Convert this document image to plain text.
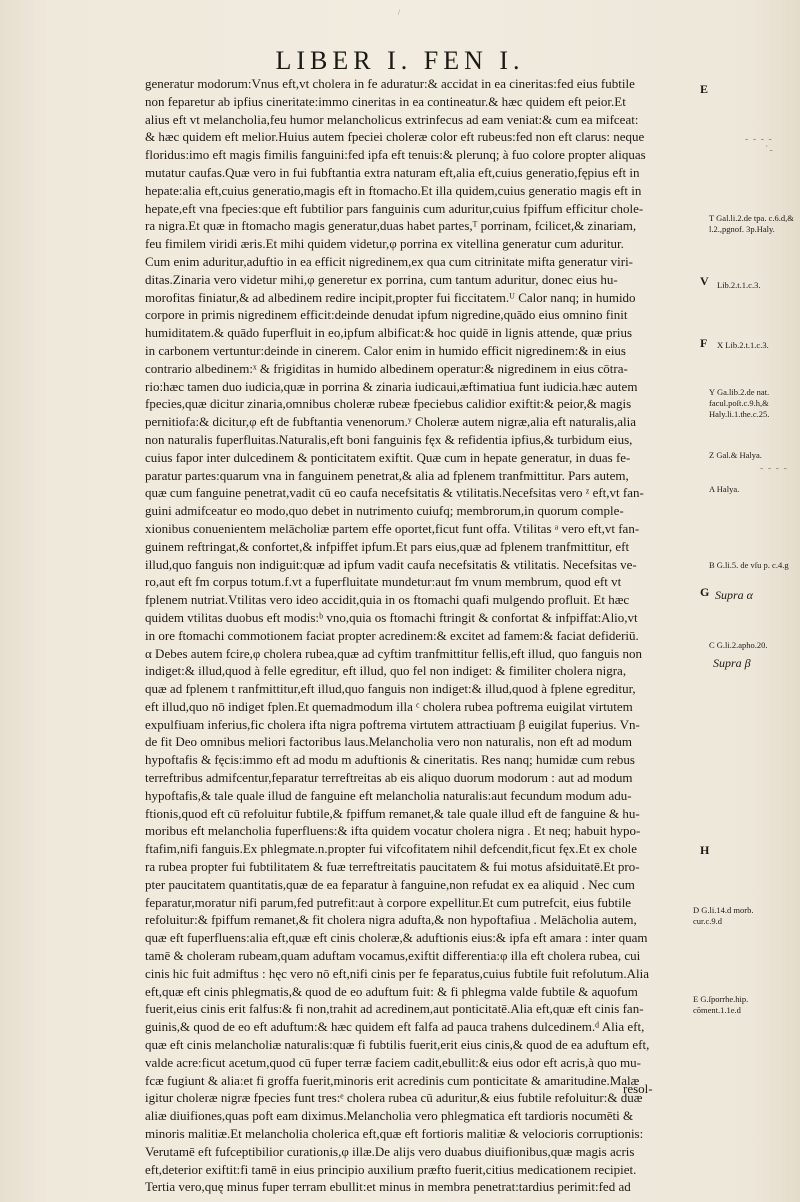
/
LIBER I. FEN I.
generatur modorum:Vnus eft,vt cholera in fe aduratur:& accidat in ea cineritas:fed eius fubtile
non feparetur ab ipfius cineritate:immo cineritas in ea contineatur.& hæc quidem eft peior.Et
alius eft vt melancholia,feu humor melancholicus extrinfecus ad eam veniat:& cum ea mifceat:
& hæc quidem eft melior.Huius autem fpeciei choleræ color eft rubeus:fed non eft clarus: neque
floridus:imo eft magis fimilis fanguini:fed ipfa eft tenuis:& plerunq; à fuo colore propter aliquas
mutatur caufas.Quæ vero in fui fubftantia extra naturam eft,alia eft,cuius generatio,fępius eft in
hepate:alia eft,cuius generatio,magis eft in ftomacho.Et illa quidem,cuius generatio magis eft in
hepate,eft vna fpecies:que eft fubtilior pars fanguinis cum aduritur,cuius fpiffum efficitur chole-
ra nigra.Et quæ in ftomacho magis generatur,duas habet partes,ᵀ porrinam, fcilicet,& zinariam,
feu fimilem viridi æris.Et mihi quidem videtur,φ porrina ex vitellina generatur cum aduritur.
Cum enim aduritur,aduftio in ea efficit nigredinem,ex qua cum citrinitate mifta generatur viri-
ditas.Zinaria vero videtur mihi,φ generetur ex porrina, cum tantum aduritur, donec eius hu-
morofitas finiatur,& ad albedinem redire incipit,propter fui ficcitatem.ᵁ Calor nanq; in humido
corpore in primis nigredinem efficit:deinde denudat ipfum nigredine,quādo eius omnino finit
humiditatem.& quādo fuperfluit in eo,ipfum albificat:& hoc quidē in lignis attende, quæ prius
in carbonem vertuntur:deinde in cinerem. Calor enim in humido efficit nigredinem:& in eius
contrario albedinem:ˣ & frigiditas in humido albedinem operatur:& nigredinem in eius cōtra-
rio:hæc tamen duo iudicia,quæ in porrina & zinaria iudicaui,æftimatiua funt iudicia.hæc autem
fpecies,quæ dicitur zinaria,omnibus choleræ rubeæ fpeciebus calidior exiftit:& peior,& magis
pernitiofa:& dicitur,φ eft de fubftantia venenorum.ʸ Choleræ autem nigræ,alia eft naturalis,alia
non naturalis fuperfluitas.Naturalis,eft boni fanguinis fęx & refidentia ipfius,& turbidum eius,
cuius fapor inter dulcedinem & ponticitatem exiftit. Quæ cum in hepate generatur, in duas fe-
paratur partes:quarum vna in fanguinem penetrat,& alia ad fplenem tranfmittitur. Pars autem,
quæ cum fanguine penetrat,vadit cū eo caufa necefsitatis & vtilitatis.Necefsitas vero ᶻ eft,vt fan-
guini admifceatur eo modo,quo debet in nutrimento cuiufq; membrorum,in quorum comple-
xionibus conuenientem melācholiæ partem effe oportet,ficut funt offa. Vtilitas ᵃ vero eft,vt fan-
guinem reftringat,& confortet,& infpiffet ipfum.Et pars eius,quæ ad fplenem tranfmittitur, eft
illud,quo fanguis non indiguit:quæ ad ipfum vadit caufa necefsitatis & vtilitatis. Necefsitas ve-
ro,aut eft fm corpus totum.f.vt a fuperfluitate mundetur:aut fm vnum membrum, quod eft vt
fplenem nutriat.Vtilitas vero ideo accidit,quia in os ftomachi quafi mulgendo profluit. Et hæc
quidem vtilitas duobus eft modis:ᵇ vno,quia os ftomachi ftringit & confortat & infpiffat:Alio,vt
in ore ftomachi commotionem faciat propter acredinem:& excitet ad famem:& faciat defideriū.
α Debes autem fcire,φ cholera rubea,quæ ad cyftim tranfmittitur fellis,eft illud, quo fanguis non
indiget:& illud,quod à felle egreditur, eft illud, quo fel non indiget: & fimiliter cholera nigra,
quæ ad fplenem t ranfmittitur,eft illud,quo fanguis non indiget:& illud,quod à fplene egreditur,
eft illud,quo nō indiget fplen.Et quemadmodum illa ᶜ cholera rubea poftrema euigilat virtutem
expulfiuam inferius,fic cholera ifta nigra poftrema virtutem attractiuam β euigilat fuperius. Vn-
de fit Deo omnibus meliori factoribus laus.Melancholia vero non naturalis, non eft ad modum
hypoftafis & fęcis:immo eft ad modu m aduftionis & cineritatis. Res nanq; humidæ cum rebus
terreftribus admifcentur,feparatur terreftreitas ab eis aliquo duorum modorum : aut ad modum
hypoftafis,& tale quale illud de fanguine eft melancholia naturalis:aut fecundum modum adu-
ftionis,quod eft cū refoluitur fubtile,& fpiffum remanet,& tale quale illud eft de fanguine & hu-
moribus eft melancholia fuperfluens:& ifta quidem vocatur cholera nigra . Et neq; habuit hypo-
ftafim,nifi fanguis.Ex phlegmate.n.propter fui vifcofitatem nihil defcendit,ficut fęx.Et ex chole
ra rubea propter fui fubtilitatem & fuæ terreftreitatis paucitatem & fui motus afsiduitatē.Et pro-
pter paucitatem quantitatis,quæ de ea feparatur à fanguine,non refudat ex ea aliquid . Nec cum
feparatur,moratur nifi parum,fed putrefit:aut à corpore expellitur.Et cum putrefcit, eius fubtile
refoluitur:& fpiffum remanet,& fit cholera nigra adufta,& non hypoftafiua . Melācholia autem,
quæ eft fuperfluens:alia eft,quæ eft cinis choleræ,& aduftionis eius:& ipfa eft amara : inter quam
tamē & choleram rubeam,quam aduftam vocamus,exiftit differentia:φ illa eft cholera rubea, cui
cinis hic fuit admiftus : hęc vero nō eft,nifi cinis per fe feparatus,cuius fubtile fuit refolutum.Alia
eft,quæ eft cinis phlegmatis,& quod de eo aduftum fuit: & fi phlegma valde fubtile & aquofum
fuerit,eius cinis erit falfus:& fi non,trahit ad acredinem,aut ponticitatē.Alia eft,quæ eft cinis fan-
guinis,& quod de eo eft aduftum:& hæc quidem eft falfa ad pauca trahens dulcedinem.ᵈ Alia eft,
quæ eft cinis melancholiæ naturalis:quæ fi fubtilis fuerit,erit eius cinis,& quod de ea aduftum eft,
valde acre:ficut acetum,quod cū fuper terræ faciem cadit,ebullit:& eius odor eft acris,à quo mu-
fcæ fugiunt & alia:et fi groffa fuerit,minoris erit acredinis cum ponticitate & amaritudine.Malæ
igitur choleræ nigræ fpecies funt tres:ᵉ cholera rubea cū aduritur,& eius fubtile refoluitur:& duæ
aliæ diuifiones,quas poft eam diximus.Melancholia vero phlegmatica eft tardioris nocumēti &
minoris malitiæ.Et melancholia cholerica eft,quæ eft fortioris malitiæ & velocioris corruptionis:
Verutamē eft fufceptibilior curationis,φ illæ.De alijs vero duabus diuifionibus,quæ magis acris
eft,deterior exiftit:fi tamē in eius principio auxilium præfto fuerit,citius medicationem recipiet.
Tertia vero,quę minus fuper terram ebullit:et minus in membra penetrat:tardius perimit:fed ad
resol-
E
V
F
G
H
- - - -
`-
T Gal.li.2.de tpa. c.6.d,& l.2.,pgnof. 3p.Haly.
Lib.2.t.1.c.3.
X Lib.2.t.1.c.3.
Y Ga.lib.2.de nat. facul.poſt.c.9.h,& Haly.li.1.the.c.25.
Z Gal.& Halya.
- - - -
A Halya.
B G.li.5. de vſu p. c.4.g
Supra α
C G.li.2.apho.20.
Supra β
D G.li.14.d morb. cur.c.9.d
E G.ſporrhe.hip. cōment.1.1e.d
